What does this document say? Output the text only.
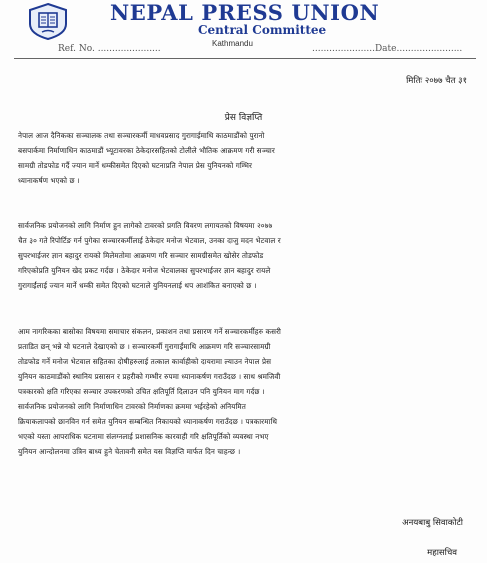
NEPAL PRESS UNION
Central Committee
Kathmandu
Ref. No. ......................	......................Date.......................
मितिः २०७७ चैत ३१
प्रेस विज्ञप्ति
नेपाल आज दैनिकका सञ्चालक तथा सञ्चारकर्मी माधवप्रसाद गुरागाईमाथि काठमाडौंको पुरानो
बसपार्कमा निर्माणाधिन काठमाडौं भ्यूटावरका ठेकेदारसहितको टोलीले भौतिक आक्रमण गरी सञ्चार
सामग्री तोडफोड गर्दै ज्यान मार्ने धम्कीसमेत दिएको घटनाप्रति नेपाल प्रेस युनियनको गम्भिर
ध्यानाकर्षण भएको छ ।
सार्वजनिक प्रयोजनको लागि निर्माण हुन लागेको टावरको प्रगति विवरण लगायतको विषयमा २०७७
चैत ३० गते रिपोर्टिङ गर्न पुगेका सञ्चारकर्मीलाई ठेकेदार मनोज भेटवाल, उनका दाजु मदन भेटवाल र
सुपरभाईजर ज्ञान बहादुर रायको मिलेमतोमा आक्रमण गरि सञ्चार सामग्रीसमेत खोसेर तोडफोड
गरिएकोप्रति युनियन खेद प्रकट गर्दछ । ठेकेदार मनोज भेटवालका सुपरभाईजर ज्ञान बहादुर रायले
गुरागाईंलाई ज्यान मार्ने धम्की समेत दिएको घटनाले युनियनलाई थप आशंकित बनाएको छ ।
आम नागरिकका बासोका विषयमा समाचार संकलन, प्रकाशन तथा प्रसारण गर्ने सञ्चारकर्मीहरु कसरी
प्रताडित छन् भन्ने यो घटनाले देखाएको छ । सञ्चारकर्मी गुरागाईंमाथि आक्रमण गरि सञ्चारसामग्री
तोडफोड गर्ने मनोज भेटवाल सहितका दोषीहरुलाई तत्काल कार्वाहीको दायरामा ल्याउन नेपाल प्रेस
युनियन काठमाडौंको स्थानिय प्रसासन र प्रहरीको गम्भीर रुपमा ध्यानाकर्षण गराउँदछ । साथ श्रमजिवी
पत्रकारको क्षति गरिएका सञ्चार उपकरणको उचित क्षतिपूर्ति दिलाउन पनि युनियन माग गर्दछ ।
सार्वजनिक प्रयोजनको लागि निर्माणाधिन टावरको निर्माणका क्रममा भईरहेको अनियमित
क्रियाकलापको छानविन गर्न समेत युनियन सम्बन्धित निकायको ध्यानाकर्षण गराउँदछ । पत्रकारमाथि
भएको यस्ता आपराधिक घटनामा संलग्नलाई प्रशासनिक कारवाही गरि क्षतिपूर्तिको व्यवस्था नभए
युनियन आन्दोलनमा उत्रिन बाध्य हुने चेतावनी समेत यस विज्ञप्ति मार्फत दिन चाहन्छ ।
अनयबाबु सिवाकोटी
महासचिव
